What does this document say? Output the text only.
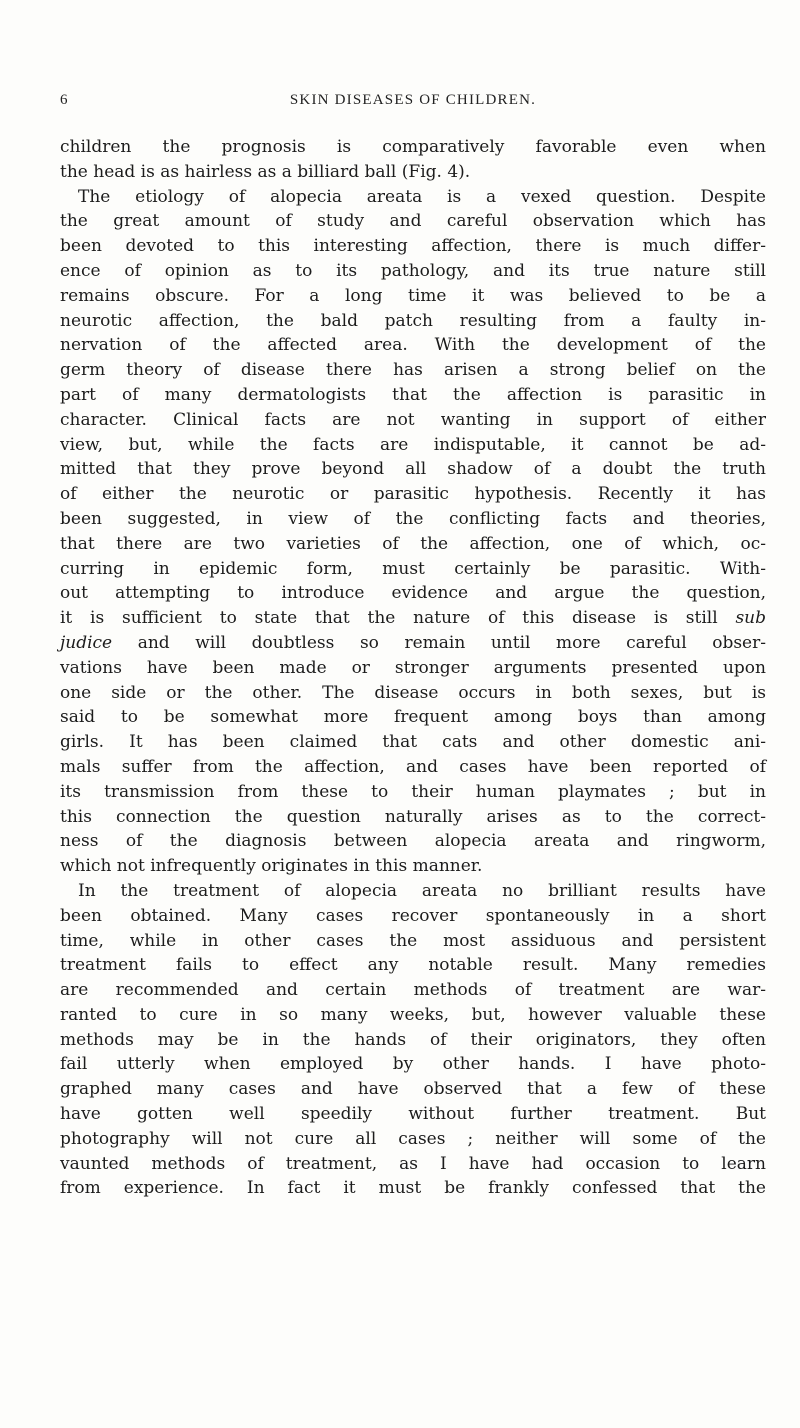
6	SKIN DISEASES OF CHILDREN.
children the prognosis is comparatively favorable even when
the head is as hairless as a billiard ball (Fig. 4).
The etiology of alopecia areata is a vexed question. Despite
the great amount of study and careful observation which has
been devoted to this interesting affection, there is much differ-
ence of opinion as to its pathology, and its true nature still
remains obscure. For a long time it was believed to be a
neurotic affection, the bald patch resulting from a faulty in-
nervation of the affected area. With the development of the
germ theory of disease there has arisen a strong belief on the
part of many dermatologists that the affection is parasitic in
character. Clinical facts are not wanting in support of either
view, but, while the facts are indisputable, it cannot be ad-
mitted that they prove beyond all shadow of a doubt the truth
of either the neurotic or parasitic hypothesis. Recently it has
been suggested, in view of the conflicting facts and theories,
that there are two varieties of the affection, one of which, oc-
curring in epidemic form, must certainly be parasitic. With-
out attempting to introduce evidence and argue the question,
it is sufficient to state that the nature of this disease is still sub
judice and will doubtless so remain until more careful obser-
vations have been made or stronger arguments presented upon
one side or the other. The disease occurs in both sexes, but is
said to be somewhat more frequent among boys than among
girls. It has been claimed that cats and other domestic ani-
mals suffer from the affection, and cases have been reported of
its transmission from these to their human playmates ; but in
this connection the question naturally arises as to the correct-
ness of the diagnosis between alopecia areata and ringworm,
which not infrequently originates in this manner.
In the treatment of alopecia areata no brilliant results have
been obtained. Many cases recover spontaneously in a short
time, while in other cases the most assiduous and persistent
treatment fails to effect any notable result. Many remedies
are recommended and certain methods of treatment are war-
ranted to cure in so many weeks, but, however valuable these
methods may be in the hands of their originators, they often
fail utterly when employed by other hands. I have photo-
graphed many cases and have observed that a few of these
have gotten well speedily without further treatment. But
photography will not cure all cases ; neither will some of the
vaunted methods of treatment, as I have had occasion to learn
from experience. In fact it must be frankly confessed that the
